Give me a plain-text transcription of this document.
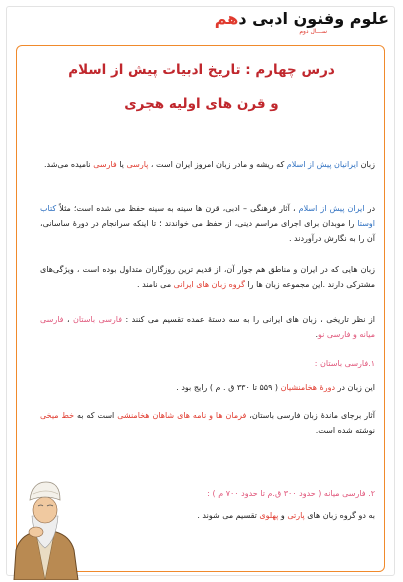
علوم وفنون ادبی دهم
ســـال دوم
درس چهارم : تاریخ ادبیات پیش از اسلام
و قرن های اولیه هجری
زبان ایرانیان پیش از اسلام که ریشه و مادر زبان امروز ایران است ، پارسی یا فارسی نامیده می‌شد.
در ایران پیش از اسلام ، آثار فرهنگی – ادبی، قرن ها سینه به سینه حفظ می شده است؛ مثلاً کتاب اوستا را موبدان برای اجرای مراسم دینی، از حفظ می خواندند ؛ تا اینکه سرانجام در دورهٔ ساسانی، آن را به نگارش درآوردند .
زبان هایی که در ایران و مناطق هم جوار آن، از قدیم ترین روزگاران متداول بوده است ، ویژگی‌های مشترکی دارند .این مجموعه زبان ها را گروه زبان های ایرانی می نامند .
از نظر تاریخی ، زبان های ایرانی را به سه دستهٔ عمده تقسیم می کنند : فارسی باستان ، فارسی میانه و فارسی نو.
۱.فارسی باستان :
این زبان در دورهٔ هخامنشیان ( ۵۵۹ تا ۳۳۰ ق . م ) رایج بود .
آثار برجای ماندهٔ زبان فارسی باستان، فرمان ها و نامه های شاهان هخامنشی است که به خط میخی نوشته شده است.
۲. فارسی میانه ( حدود ۳۰۰ ق.م تا حدود ۷۰۰ م ) :
به دو گروه زبان های پارتی و پهلوی تقسیم می شوند .
